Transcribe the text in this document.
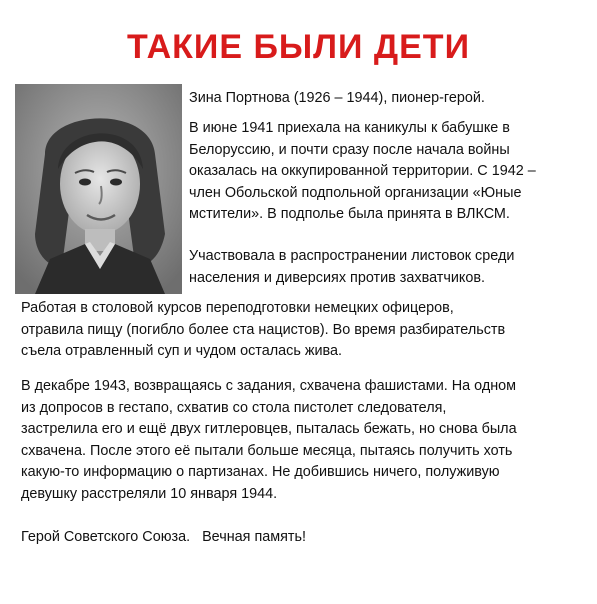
ТАКИЕ БЫЛИ ДЕТИ

Зина Портнова (1926 – 1944), пионер-герой.

В июне 1941 приехала на каникулы к бабушке в
Белоруссию, и почти сразу после начала войны
оказалась на оккупированной территории. С 1942 –
член Обольской подпольной организации «Юные
мстители». В подполье была принята в ВЛКСМ.

Участвовала в распространении листовок среди
населения и диверсиях против захватчиков.

Работая в столовой курсов переподготовки немецких офицеров,
отравила пищу (погибло более ста нацистов). Во время разбирательств
съела отравленный суп и чудом осталась жива.

В декабре 1943, возвращаясь с задания, схвачена фашистами. На одном
из допросов в гестапо, схватив со стола пистолет следователя,
застрелила его и ещё двух гитлеровцев, пыталась бежать, но снова была
схвачена. После этого её пытали больше месяца, пытаясь получить хоть
какую-то информацию о партизанах. Не добившись ничего, полуживую
девушку расстреляли 10 января 1944.

Герой Советского Союза.   Вечная память!
